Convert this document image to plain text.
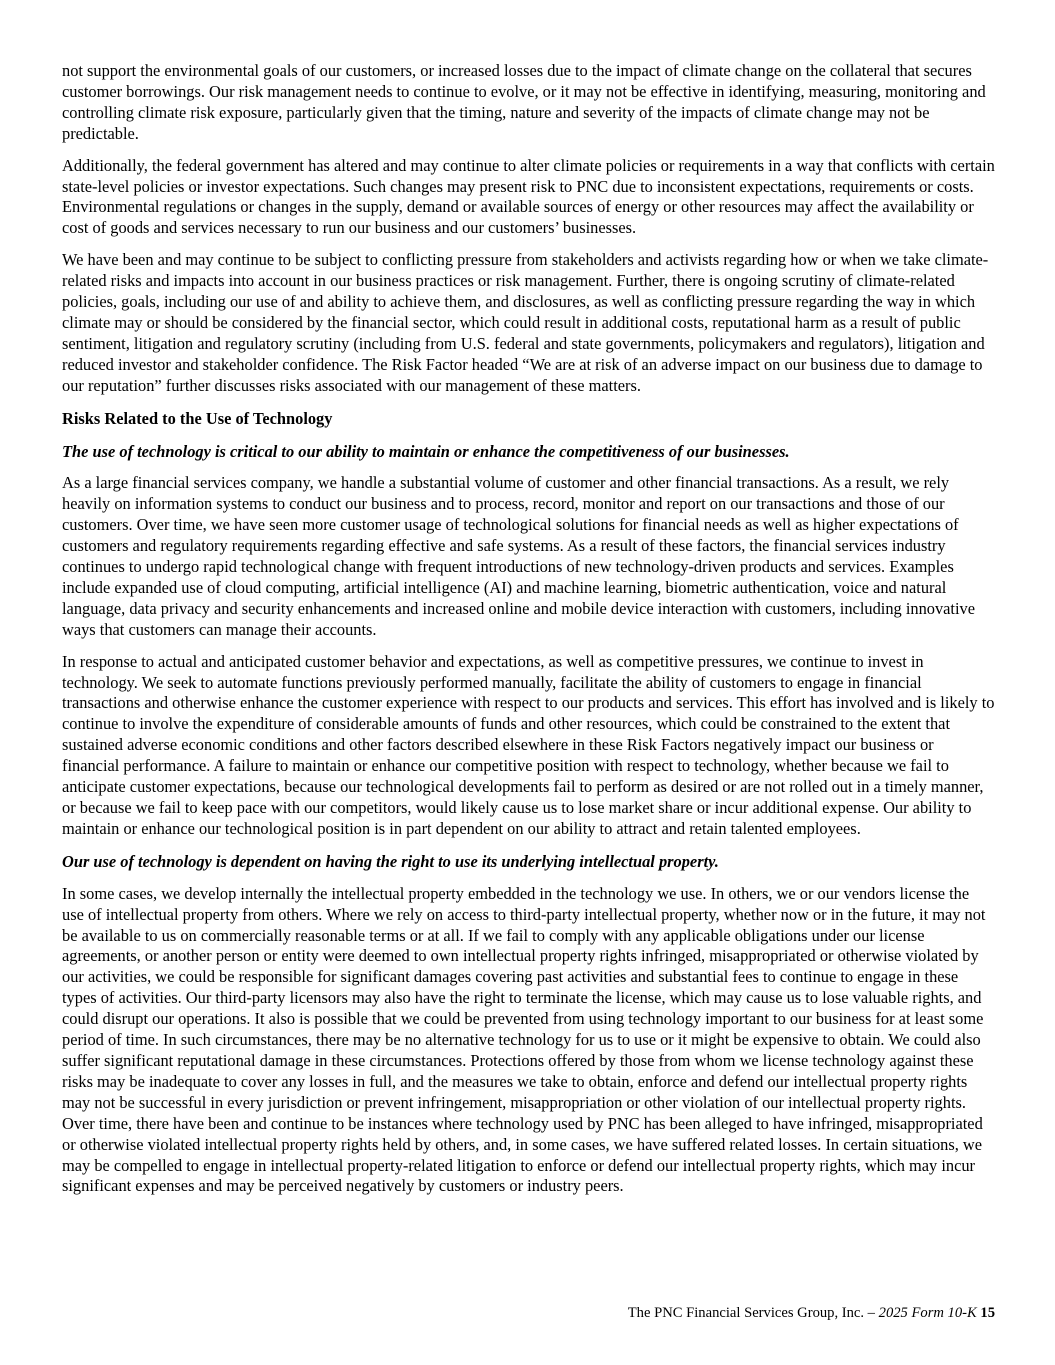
not support the environmental goals of our customers, or increased losses due to the impact of climate change on the collateral that secures customer borrowings. Our risk management needs to continue to evolve, or it may not be effective in identifying, measuring, monitoring and controlling climate risk exposure, particularly given that the timing, nature and severity of the impacts of climate change may not be predictable.

Additionally, the federal government has altered and may continue to alter climate policies or requirements in a way that conflicts with certain state-level policies or investor expectations. Such changes may present risk to PNC due to inconsistent expectations, requirements or costs. Environmental regulations or changes in the supply, demand or available sources of energy or other resources may affect the availability or cost of goods and services necessary to run our business and our customers’ businesses.

We have been and may continue to be subject to conflicting pressure from stakeholders and activists regarding how or when we take climate-related risks and impacts into account in our business practices or risk management. Further, there is ongoing scrutiny of climate-related policies, goals, including our use of and ability to achieve them, and disclosures, as well as conflicting pressure regarding the way in which climate may or should be considered by the financial sector, which could result in additional costs, reputational harm as a result of public sentiment, litigation and regulatory scrutiny (including from U.S. federal and state governments, policymakers and regulators), litigation and reduced investor and stakeholder confidence. The Risk Factor headed “We are at risk of an adverse impact on our business due to damage to our reputation” further discusses risks associated with our management of these matters.

Risks Related to the Use of Technology
The use of technology is critical to our ability to maintain or enhance the competitiveness of our businesses.

As a large financial services company, we handle a substantial volume of customer and other financial transactions. As a result, we rely heavily on information systems to conduct our business and to process, record, monitor and report on our transactions and those of our customers. Over time, we have seen more customer usage of technological solutions for financial needs as well as higher expectations of customers and regulatory requirements regarding effective and safe systems. As a result of these factors, the financial services industry continues to undergo rapid technological change with frequent introductions of new technology-driven products and services. Examples include expanded use of cloud computing, artificial intelligence (AI) and machine learning, biometric authentication, voice and natural language, data privacy and security enhancements and increased online and mobile device interaction with customers, including innovative ways that customers can manage their accounts.

In response to actual and anticipated customer behavior and expectations, as well as competitive pressures, we continue to invest in technology. We seek to automate functions previously performed manually, facilitate the ability of customers to engage in financial transactions and otherwise enhance the customer experience with respect to our products and services. This effort has involved and is likely to continue to involve the expenditure of considerable amounts of funds and other resources, which could be constrained to the extent that sustained adverse economic conditions and other factors described elsewhere in these Risk Factors negatively impact our business or financial performance. A failure to maintain or enhance our competitive position with respect to technology, whether because we fail to anticipate customer expectations, because our technological developments fail to perform as desired or are not rolled out in a timely manner, or because we fail to keep pace with our competitors, would likely cause us to lose market share or incur additional expense. Our ability to maintain or enhance our technological position is in part dependent on our ability to attract and retain talented employees.

Our use of technology is dependent on having the right to use its underlying intellectual property.

In some cases, we develop internally the intellectual property embedded in the technology we use. In others, we or our vendors license the use of intellectual property from others. Where we rely on access to third-party intellectual property, whether now or in the future, it may not be available to us on commercially reasonable terms or at all. If we fail to comply with any applicable obligations under our license agreements, or another person or entity were deemed to own intellectual property rights infringed, misappropriated or otherwise violated by our activities, we could be responsible for significant damages covering past activities and substantial fees to continue to engage in these types of activities. Our third-party licensors may also have the right to terminate the license, which may cause us to lose valuable rights, and could disrupt our operations. It also is possible that we could be prevented from using technology important to our business for at least some period of time. In such circumstances, there may be no alternative technology for us to use or it might be expensive to obtain. We could also suffer significant reputational damage in these circumstances. Protections offered by those from whom we license technology against these risks may be inadequate to cover any losses in full, and the measures we take to obtain, enforce and defend our intellectual property rights may not be successful in every jurisdiction or prevent infringement, misappropriation or other violation of our intellectual property rights. Over time, there have been and continue to be instances where technology used by PNC has been alleged to have infringed, misappropriated or otherwise violated intellectual property rights held by others, and, in some cases, we have suffered related losses. In certain situations, we may be compelled to engage in intellectual property-related litigation to enforce or defend our intellectual property rights, which may incur significant expenses and may be perceived negatively by customers or industry peers.

The PNC Financial Services Group, Inc. – 2025 Form 10-K 15
